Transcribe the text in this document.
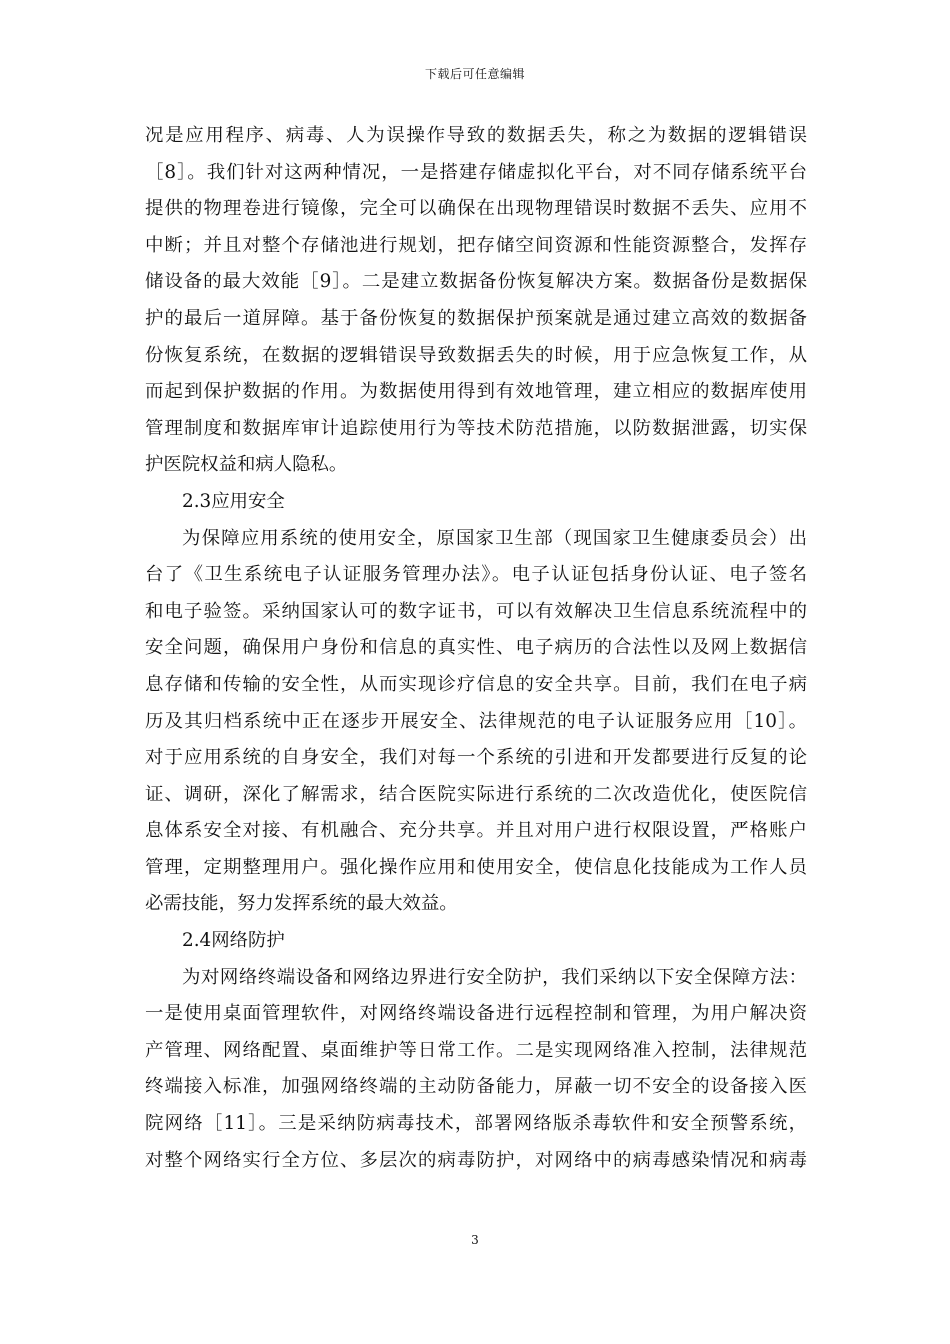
下载后可任意编辑
况是应用程序、病毒、人为误操作导致的数据丢失，称之为数据的逻辑错误
［8］。我们针对这两种情况，一是搭建存储虚拟化平台，对不同存储系统平台
提供的物理卷进行镜像，完全可以确保在出现物理错误时数据不丢失、应用不
中断；并且对整个存储池进行规划，把存储空间资源和性能资源整合，发挥存
储设备的最大效能［9］。二是建立数据备份恢复解决方案。数据备份是数据保
护的最后一道屏障。基于备份恢复的数据保护预案就是通过建立高效的数据备
份恢复系统，在数据的逻辑错误导致数据丢失的时候，用于应急恢复工作，从
而起到保护数据的作用。为数据使用得到有效地管理，建立相应的数据库使用
管理制度和数据库审计追踪使用行为等技术防范措施，以防数据泄露，切实保
护医院权益和病人隐私。
2.3应用安全
为保障应用系统的使用安全，原国家卫生部（现国家卫生健康委员会）出
台了《卫生系统电子认证服务管理办法》。电子认证包括身份认证、电子签名
和电子验签。采纳国家认可的数字证书，可以有效解决卫生信息系统流程中的
安全问题，确保用户身份和信息的真实性、电子病历的合法性以及网上数据信
息存储和传输的安全性，从而实现诊疗信息的安全共享。目前，我们在电子病
历及其归档系统中正在逐步开展安全、法律规范的电子认证服务应用［10］。
对于应用系统的自身安全，我们对每一个系统的引进和开发都要进行反复的论
证、调研，深化了解需求，结合医院实际进行系统的二次改造优化，使医院信
息体系安全对接、有机融合、充分共享。并且对用户进行权限设置，严格账户
管理，定期整理用户。强化操作应用和使用安全，使信息化技能成为工作人员
必需技能，努力发挥系统的最大效益。
2.4网络防护
为对网络终端设备和网络边界进行安全防护，我们采纳以下安全保障方法：
一是使用桌面管理软件，对网络终端设备进行远程控制和管理，为用户解决资
产管理、网络配置、桌面维护等日常工作。二是实现网络准入控制，法律规范
终端接入标准，加强网络终端的主动防备能力，屏蔽一切不安全的设备接入医
院网络［11］。三是采纳防病毒技术，部署网络版杀毒软件和安全预警系统，
对整个网络实行全方位、多层次的病毒防护，对网络中的病毒感染情况和病毒
3
